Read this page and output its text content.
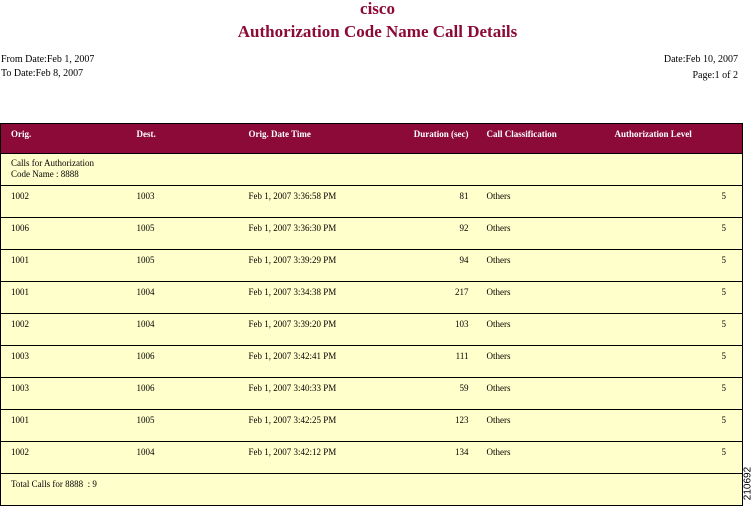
cisco
Authorization Code Name Call Details
From Date:Feb 1, 2007
To Date:Feb 8, 2007
Date:Feb 10, 2007
Page:1 of 2
Orig.	Dest.	Orig. Date Time	Duration (sec)	Call Classification	Authorization Level

Calls for Authorization
Code Name : 8888					

1002	1003	Feb 1, 2007 3:36:58 PM	81	Others	5
1006	1005	Feb 1, 2007 3:36:30 PM	92	Others	5
1001	1005	Feb 1, 2007 3:39:29 PM	94	Others	5
1001	1004	Feb 1, 2007 3:34:38 PM	217	Others	5
1002	1004	Feb 1, 2007 3:39:20 PM	103	Others	5
1003	1006	Feb 1, 2007 3:42:41 PM	111	Others	5
1003	1006	Feb 1, 2007 3:40:33 PM	59	Others	5
1001	1005	Feb 1, 2007 3:42:25 PM	123	Others	5
1002	1004	Feb 1, 2007 3:42:12 PM	134	Others	5
Total Calls for 8888  : 9						210692
